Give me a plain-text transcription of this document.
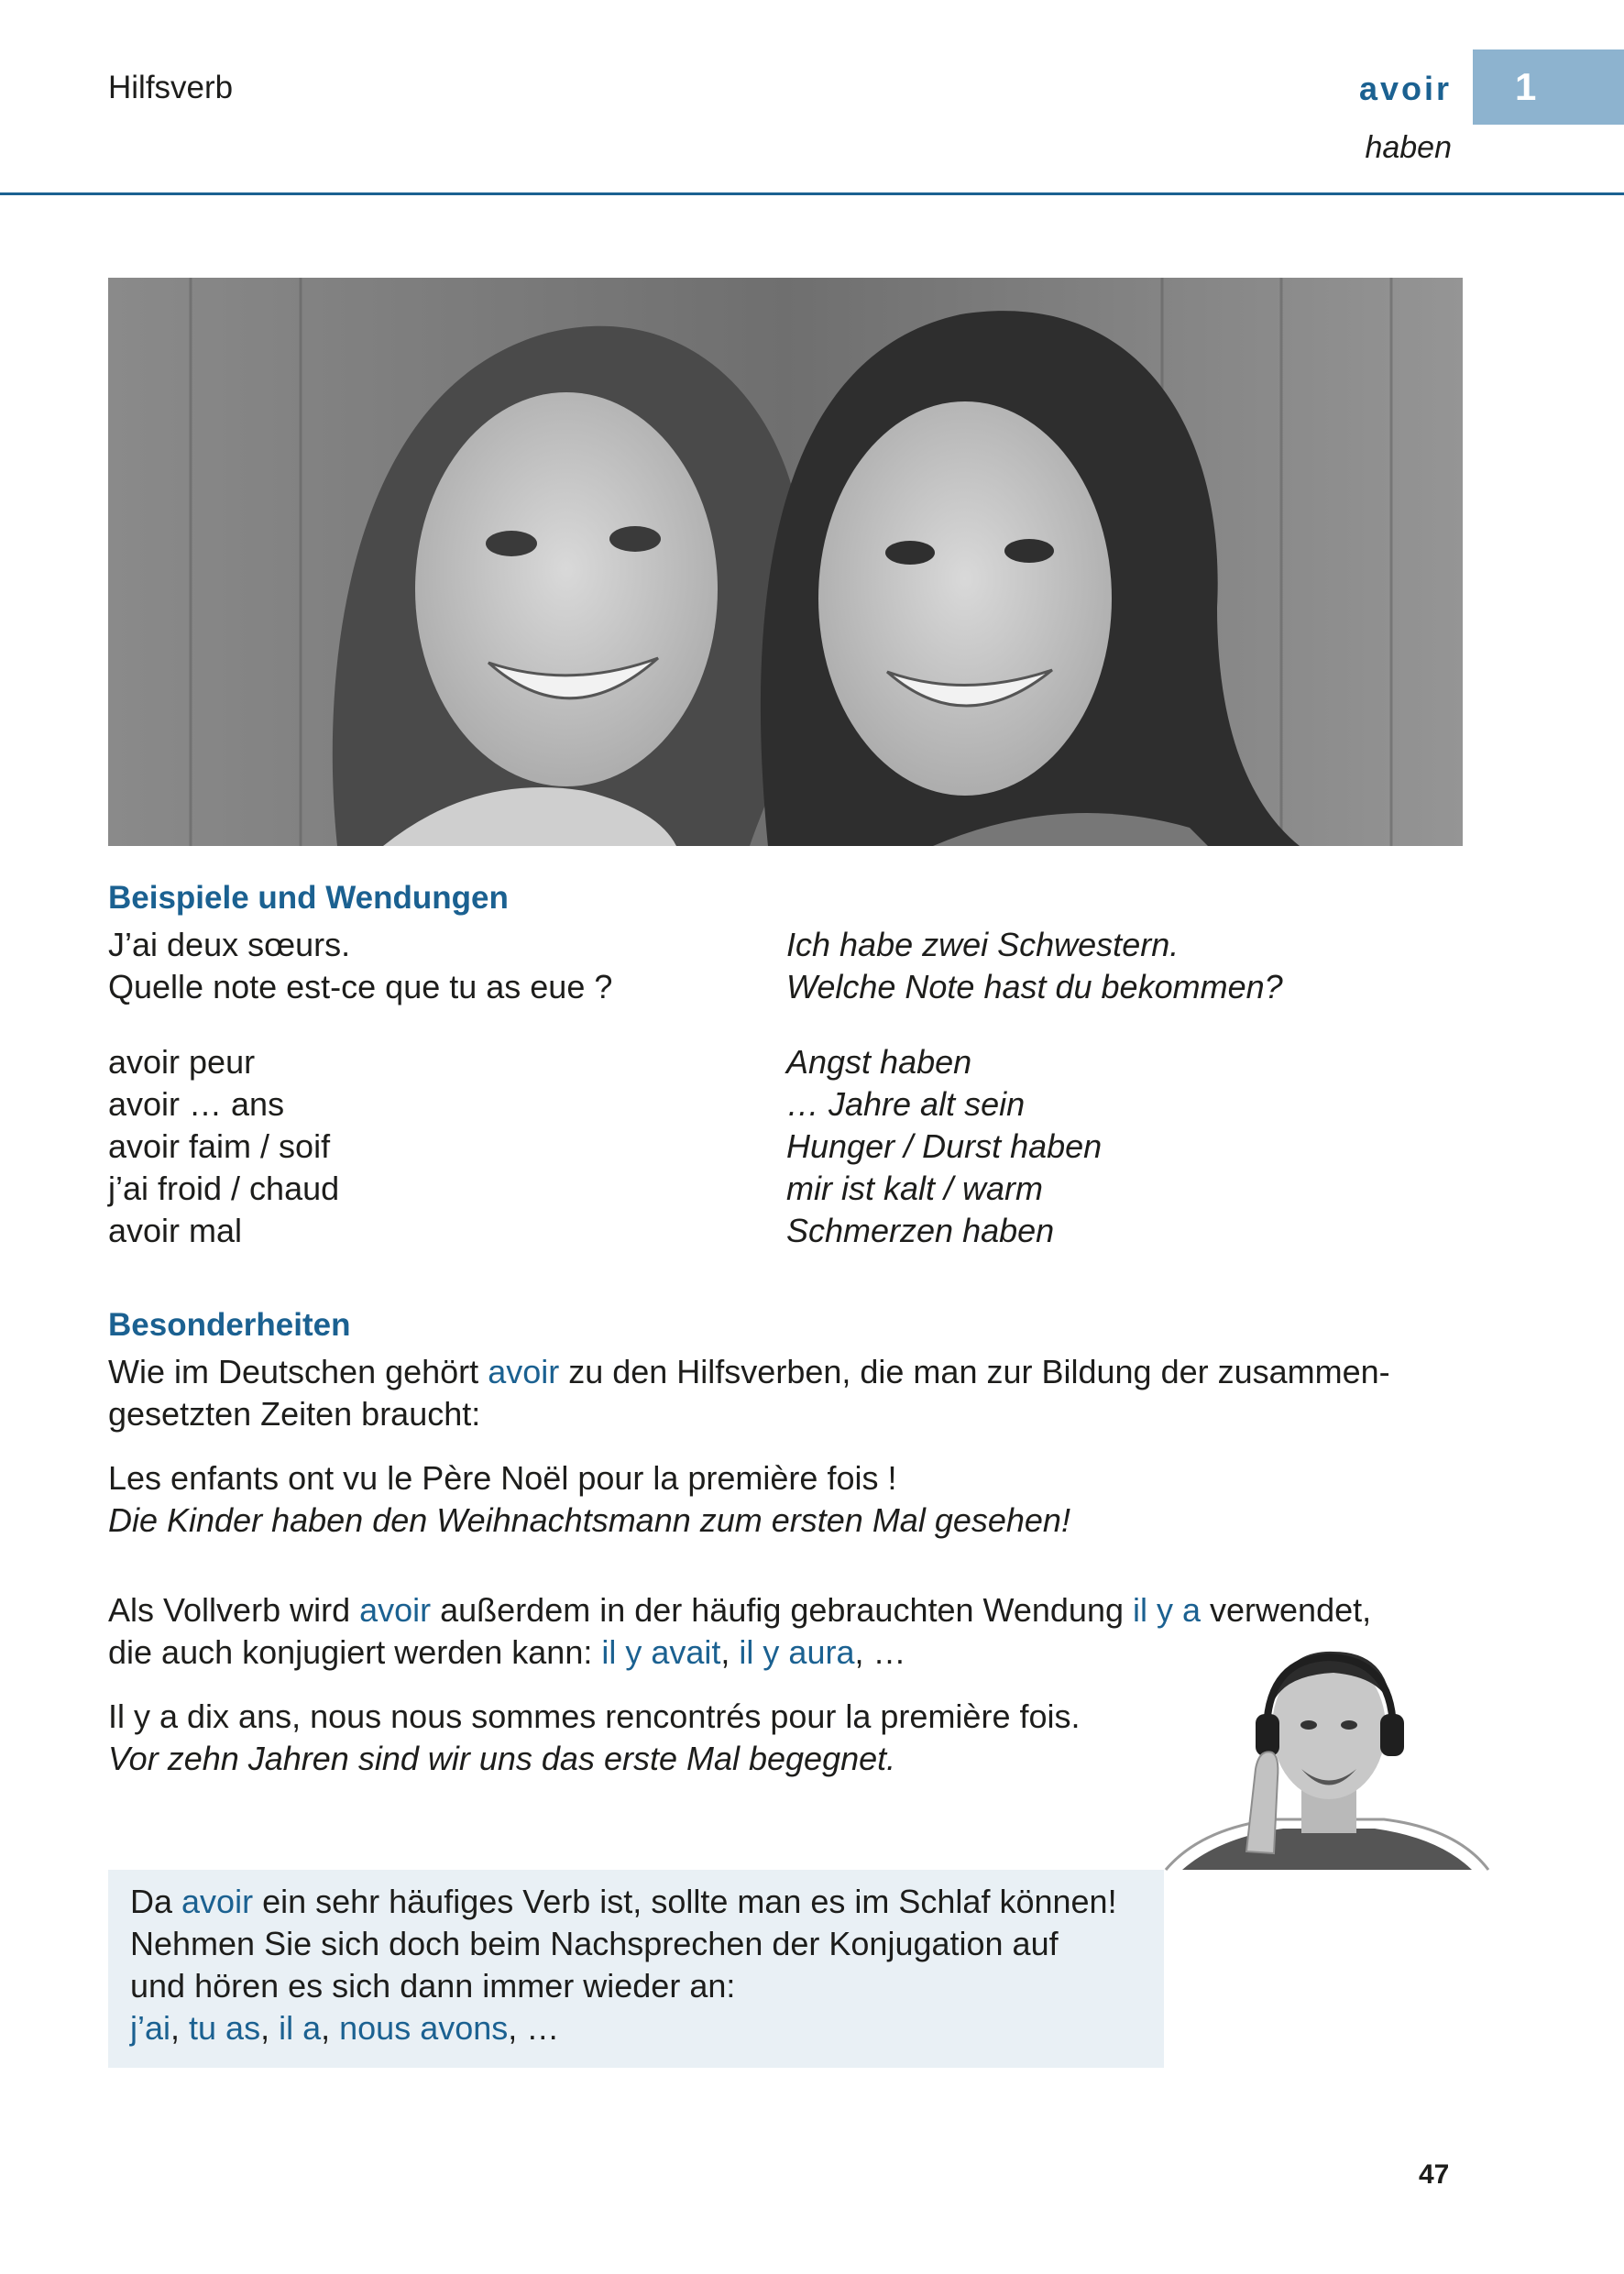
Hilfsverb	avoir
haben
1
Beispiele und Wendungen
J’ai deux sœurs.	Ich habe zwei Schwestern.
Quelle note est-ce que tu as eue ?	Welche Note hast du bekommen?
avoir peur	Angst haben
avoir … ans	… Jahre alt sein
avoir faim / soif	Hunger / Durst haben
j’ai froid / chaud	mir ist kalt / warm
avoir mal	Schmerzen haben
Besonderheiten
Wie im Deutschen gehört avoir zu den Hilfsverben, die man zur Bildung der zusammen-
gesetzten Zeiten braucht:
Les enfants ont vu le Père Noël pour la première fois !
Die Kinder haben den Weihnachtsmann zum ersten Mal gesehen!
Als Vollverb wird avoir außerdem in der häufig gebrauchten Wendung il y a verwendet,
die auch konjugiert werden kann: il y avait, il y aura, …
Il y a dix ans, nous nous sommes rencontrés pour la première fois.
Vor zehn Jahren sind wir uns das erste Mal begegnet.
Da avoir ein sehr häufiges Verb ist, sollte man es im Schlaf können!
Nehmen Sie sich doch beim Nachsprechen der Konjugation auf
und hören es sich dann immer wieder an:
j’ai, tu as, il a, nous avons, …
47
